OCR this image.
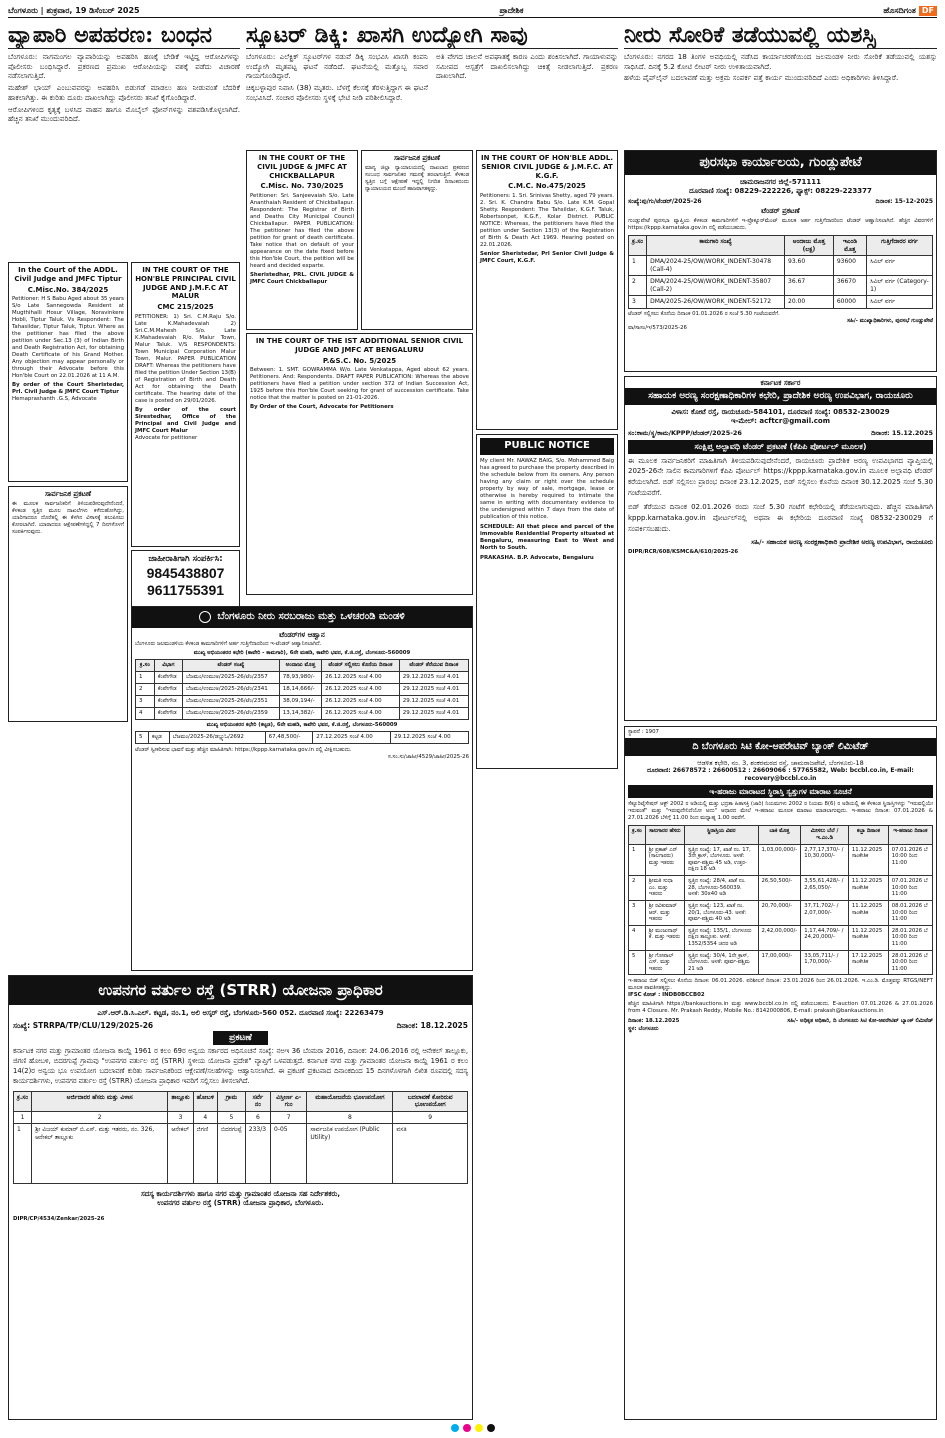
ಬೆಂಗಳೂರು | ಶುಕ್ರವಾರ, 19 ಡಿಸೆಂಬರ್ 2025	ಪ್ರಾದೇಶಿಕ	ಹೊಸದಿಗಂತ DF
ವ್ಯಾಪಾರಿ ಅಪಹರಣ: ಬಂಧನ

ಬೆಂಗಳೂರು: ನಾಗಮಂಗಲ ವ್ಯಾಪಾರಿಯನ್ನು ಅಪಹರಿಸಿ ಹಣಕ್ಕೆ ಬೇಡಿಕೆ ಇಟ್ಟಿದ್ದ ಆರೋಪಿಗಳನ್ನು ಪೊಲೀಸರು ಬಂಧಿಸಿದ್ದಾರೆ. ಪ್ರಕರಣದ ಪ್ರಮುಖ ಆರೋಪಿಯನ್ನು ವಶಕ್ಕೆ ಪಡೆದು ವಿಚಾರಣೆ ನಡೆಸಲಾಗುತ್ತಿದೆ.

ಮಹೇಶ್ ಭಾಯ್ ಎಂಬುವವರನ್ನು ಅಪಹರಿಸಿ ಬಿಡುಗಡೆ ಮಾಡಲು ಹಣ ನೀಡುವಂತೆ ಬೆದರಿಕೆ ಹಾಕಲಾಗಿತ್ತು. ಈ ಕುರಿತು ದೂರು ದಾಖಲಾಗಿದ್ದು ಪೊಲೀಸರು ತನಿಖೆ ಕೈಗೊಂಡಿದ್ದಾರೆ.

ಆರೋಪಿಗಳಿಂದ ಕೃತ್ಯಕ್ಕೆ ಬಳಸಿದ ವಾಹನ ಹಾಗೂ ಮೊಬೈಲ್ ಫೋನ್‌ಗಳನ್ನು ವಶಪಡಿಸಿಕೊಳ್ಳಲಾಗಿದೆ. ಹೆಚ್ಚಿನ ತನಿಖೆ ಮುಂದುವರಿದಿದೆ.

ಸ್ಕೂಟರ್ ಡಿಕ್ಕಿ: ಖಾಸಗಿ ಉದ್ಯೋಗಿ ಸಾವು

ಬೆಂಗಳೂರು: ಎಲೆಕ್ಟ್ರಿಕ್ ಸ್ಕೂಟರ್‌ಗಳ ನಡುವೆ ಡಿಕ್ಕಿ ಸಂಭವಿಸಿ ಖಾಸಗಿ ಕಂಪನಿ ಉದ್ಯೋಗಿ ಮೃತಪಟ್ಟ ಘಟನೆ ನಡೆದಿದೆ. ಘಟನೆಯಲ್ಲಿ ಮತ್ತೊಬ್ಬ ಸವಾರ ಗಾಯಗೊಂಡಿದ್ದಾರೆ.

ಚಿಕ್ಕಬಳ್ಳಾಪುರ ನಿವಾಸಿ (38) ಮೃತರು. ಬೆಳಗ್ಗೆ ಕೆಲಸಕ್ಕೆ ತೆರಳುತ್ತಿದ್ದಾಗ ಈ ಘಟನೆ ಸಂಭವಿಸಿದೆ. ಸಂಚಾರ ಪೊಲೀಸರು ಸ್ಥಳಕ್ಕೆ ಭೇಟಿ ನೀಡಿ ಪರಿಶೀಲಿಸಿದ್ದಾರೆ.

ಅತಿ ವೇಗದ ಚಾಲನೆ ಅಪಘಾತಕ್ಕೆ ಕಾರಣ ಎಂದು ಶಂಕಿಸಲಾಗಿದೆ. ಗಾಯಾಳುವನ್ನು ಸಮೀಪದ ಆಸ್ಪತ್ರೆಗೆ ದಾಖಲಿಸಲಾಗಿದ್ದು ಚಿಕಿತ್ಸೆ ನೀಡಲಾಗುತ್ತಿದೆ. ಪ್ರಕರಣ ದಾಖಲಾಗಿದೆ.

ನೀರು ಸೋರಿಕೆ ತಡೆಯುವಲ್ಲಿ ಯಶಸ್ಸಿ

ಬೆಂಗಳೂರು: ನಗರದ 18 ತಿಂಗಳ ಅವಧಿಯಲ್ಲಿ ನಡೆಸಿದ ಕಾರ್ಯಾಚರಣೆಯಿಂದ ಜಲಮಂಡಳಿ ನೀರು ಸೋರಿಕೆ ತಡೆಯುವಲ್ಲಿ ಯಶಸ್ಸು ಸಾಧಿಸಿದೆ. ದಿನಕ್ಕೆ 5.2 ಕೋಟಿ ಲೀಟರ್ ನೀರು ಉಳಿತಾಯವಾಗಿದೆ.

ಹಳೆಯ ಪೈಪ್‌ಲೈನ್ ಬದಲಾವಣೆ ಮತ್ತು ಅಕ್ರಮ ಸಂಪರ್ಕ ಪತ್ತೆ ಕಾರ್ಯ ಮುಂದುವರಿದಿದೆ ಎಂದು ಅಧಿಕಾರಿಗಳು ತಿಳಿಸಿದ್ದಾರೆ.

In the Court of the ADDL. Civil Judge and JMFC Tiptur
C.Misc.No. 384/2025
Petitioner: H S Babu Aged about 35 years S/o Late Sannegowda Resident at Mugthihalli Hosur Village, Noravinkere Hobli, Tiptur Taluk. Vs Respondent: The Tahasildar, Tiptur Taluk, Tiptur. Where as the petitioner has filed the above petition under Sec.13 (3) of Indian Birth and Death Registration Act, for obtaining Death Certificate of his Grand Mother. Any objection may appear personally or through their Advocate before this Hon'ble Court on 22.01.2026 at 11 A.M.
By order of the Court Sheristedar, Prl. Civil Judge & JMFC Court Tiptur
Hemaprashanth .G.S, Advocate
IN THE COURT OF THE HON'BLE PRINCIPAL CIVIL JUDGE AND J.M.F.C AT MALUR
CMC 215/2025
PETITIONER: 1) Sri. C.M.Raju S/o. Late K.Mahadevaiah 2) Sri.C.M.Mahesh S/o. Late K.Mahadevaiah R/o. Malur Town, Malur Taluk. V/S RESPONDENTS: Town Municipal Corporation Malur Town, Malur. PAPER PUBLICATION DRAFT: Whereas the petitioners have filed the petition Under Section 13(B) of Registration of Birth and Death Act for obtaining the Death certificate. The hearing date of the case is posted on 29/01/2026.
By order of the court Sirestedhar, Office of the Principal and Civil Judge and JMFC Court Malur
Advocate for petitioner
ಸಾರ್ವಜನಿಕ ಪ್ರಕಟಣೆ
ಈ ಮೂಲಕ ಸಾರ್ವಜನಿಕರಿಗೆ ತಿಳಿಯಪಡಿಸುವುದೇನೆಂದರೆ, ಕೆಳಕಂಡ ಸ್ವತ್ತಿನ ಮೂಲ ದಾಖಲೆಗಳು ಕಳೆದುಹೋಗಿದ್ದು, ಯಾರಿಗಾದರೂ ದೊರೆತಲ್ಲಿ ಈ ಕೆಳಗಿನ ವಿಳಾಸಕ್ಕೆ ತಲುಪಿಸಲು ಕೋರಲಾಗಿದೆ. ಯಾರಾದರೂ ಆಕ್ಷೇಪಣೆಗಳಿದ್ದಲ್ಲಿ 7 ದಿನಗಳೊಳಗೆ ಸಂಪರ್ಕಿಸುವುದು.
ಜಾಹೀರಾತಿಗಾಗಿ ಸಂಪರ್ಕಿಸಿ:
9845438807
9611755391
IN THE COURT OF THE CIVIL JUDGE & JMFC AT CHICKBALLAPUR
C.Misc. No. 730/2025
Petitioner: Sri. Sanjeevaiah S/o. Late Ananthaiah Resident of Chickballapur. Respondent: The Registrar of Birth and Deaths City Municipal Council Chickballapur. PAPER PUBLICATION: The petitioner has filed the above petition for grant of death certificate. Take notice that on default of your appearance on the date fixed before this Hon'ble Court, the petition will be heard and decided exparte.
Sheristedhar, PRL. CIVIL JUDGE & JMFC Court Chickballapur
ಸಾರ್ವಜನಿಕ ಪ್ರಕಟಣೆ
ಮಾನ್ಯ ಜಿಲ್ಲಾ ನ್ಯಾಯಾಲಯದಲ್ಲಿ ದಾಖಲಾದ ಪ್ರಕರಣದ ಸಂಬಂಧ ಸಾರ್ವಜನಿಕರ ಗಮನಕ್ಕೆ ತರಲಾಗುತ್ತಿದೆ. ಕೆಳಕಂಡ ಸ್ವತ್ತಿನ ಬಗ್ಗೆ ಆಕ್ಷೇಪಣೆ ಇದ್ದಲ್ಲಿ ನಿಗದಿತ ದಿನಾಂಕದಂದು ನ್ಯಾಯಾಲಯದ ಮುಂದೆ ಹಾಜರಾಗತಕ್ಕದ್ದು.
IN THE COURT OF HON'BLE ADDL. SENIOR CIVIL JUDGE & J.M.F.C. AT K.G.F.
C.M.C. No.475/2025
Petitioners: 1. Sri. Srinivas Shetty, aged 79 years. 2. Sri. K. Chandra Babu S/o. Late K.M. Gopal Shetty. Respondent: The Tahsildar, K.G.F. Taluk, Robertsonpet, K.G.F., Kolar District. PUBLIC NOTICE: Whereas, the petitioners have filed the petition under Section 13(3) of the Registration of Birth & Death Act 1969. Hearing posted on 22.01.2026.
Senior Sheristedar, Prl Senior Civil Judge & JMFC Court, K.G.F.
IN THE COURT OF THE IST ADDITIONAL SENIOR CIVIL JUDGE AND JMFC AT BENGALURU
P.&S.C. No. 5/2025
Between: 1. SMT. GOWRAMMA W/o. Late Venkatappa, Aged about 62 years. Petitioners. And: Respondents. DRAFT PAPER PUBLICATION: Whereas the above petitioners have filed a petition under section 372 of Indian Succession Act, 1925 before this Hon'ble Court seeking for grant of succession certificate. Take notice that the matter is posted on 21-01-2026.
By Order of the Court, Advocate for Petitioners
PUBLIC NOTICE
My client Mr. NAWAZ BAIG, S/o. Mohammed Baig has agreed to purchase the property described in the schedule below from its owners. Any person having any claim or right over the schedule property by way of sale, mortgage, lease or otherwise is hereby required to intimate the same in writing with documentary evidence to the undersigned within 7 days from the date of publication of this notice.
SCHEDULE: All that piece and parcel of the immovable Residential Property situated at Bengaluru, measuring East to West and North to South.
PRAKASHA. B.P. Advocate, Bengaluru
ಬೆಂಗಳೂರು ನೀರು ಸರಬರಾಜು ಮತ್ತು ಒಳಚರಂಡಿ ಮಂಡಳಿ
ಟೆಂಡರ್‌ಗಳ ಆಹ್ವಾನ
ಬೆಂಗಳೂರು ಜಲಮಂಡಳಿಯ ಕೆಳಕಂಡ ಕಾಮಗಾರಿಗಳಿಗೆ ಅರ್ಹ ಗುತ್ತಿಗೆದಾರರಿಂದ ಇ-ಟೆಂಡರ್ ಆಹ್ವಾನಿಸಲಾಗಿದೆ.
ಮುಖ್ಯ ಅಭಿಯಂತರರ ಕಛೇರಿ (ಕಾವೇರಿ - ಕಾಮಗಾರಿ), 6ನೇ ಮಹಡಿ, ಕಾವೇರಿ ಭವನ, ಕೆ.ಜಿ.ರಸ್ತೆ, ಬೆಂಗಳೂರು-560009
ಕ್ರ.ಸಂ	ವಿಭಾಗ	ಟೆಂಡರ್ ಸಂಖ್ಯೆ	ಅಂದಾಜು ಮೊತ್ತ	ಟೆಂಡರ್ ಸಲ್ಲಿಸಲು ಕೊನೆಯ ದಿನಾಂಕ	ಟೆಂಡರ್ ತೆರೆಯುವ ದಿನಾಂಕ
1	ಕೆಂಪೇಗೌಡ	ಬೆಜಮಂ/ಉಮುಅ/2025-26/ಟೆಂ/2357	78,93,980/-	26.12.2025 ಸಂಜೆ 4.00	29.12.2025 ಸಂಜೆ 4.01
2	ಕೆಂಪೇಗೌಡ	ಬೆಜಮಂ/ಉಮುಅ/2025-26/ಟೆಂ/2341	18,14,666/-	26.12.2025 ಸಂಜೆ 4.00	29.12.2025 ಸಂಜೆ 4.01
3	ಕೆಂಪೇಗೌಡ	ಬೆಜಮಂ/ಉಮುಅ/2025-26/ಟೆಂ/2351	38,09,194/-	26.12.2025 ಸಂಜೆ 4.00	29.12.2025 ಸಂಜೆ 4.01
4	ಕೆಂಪೇಗೌಡ	ಬೆಜಮಂ/ಉಮುಅ/2025-26/ಟೆಂ/2359	13,14,382/-	26.12.2025 ಸಂಜೆ 4.00	29.12.2025 ಸಂಜೆ 4.01
ಮುಖ್ಯ ಅಭಿಯಂತರರ ಕಛೇರಿ (ಕಟ್ಟಡ), 6ನೇ ಮಹಡಿ, ಕಾವೇರಿ ಭವನ, ಕೆ.ಜಿ.ರಸ್ತೆ, ಬೆಂಗಳೂರು-560009
5	ಕಟ್ಟಡ	ಬೆಜಮಂ/2025-26/ಡಬ್ಲ್ಯುಓ/2692	67,48,500/-	27.12.2025 ಸಂಜೆ 4.00	29.12.2025 ಸಂಜೆ 4.00
ಟೆಂಡರ್ ಸ್ವೀಕರಿಸುವ ಭಾವನೆ ಮತ್ತು ಹೆಚ್ಚಿನ ಮಾಹಿತಿಗಾಗಿ: https://kppp.karnataka.gov.in ರಲ್ಲಿ ವೀಕ್ಷಿಸಬಹುದು.
ಸ.ಸಂ.ಸು/ಜಾಹೀ/4529/ಜಾಹೀ/2025-26
ಉಪನಗರ ವರ್ತುಲ ರಸ್ತೆ (STRR) ಯೋಜನಾ ಪ್ರಾಧಿಕಾರ
ಎಸ್.ಆರ್.ಡಿ.ಸಿ.ಎಲ್. ಕಟ್ಟಡ, ನಂ.1, ಅಲಿ ಅಸ್ಕರ್ ರಸ್ತೆ, ಬೆಂಗಳೂರು-560 052. ದೂರವಾಣಿ ಸಂಖ್ಯೆ: 22263479
ಸಂಖ್ಯೆ: STRRPA/TP/CLU/129/2025-26	ದಿನಾಂಕ: 18.12.2025
ಪ್ರಕಟಣೆ
ಕರ್ನಾಟಕ ನಗರ ಮತ್ತು ಗ್ರಾಮಾಂತರ ಯೋಜನಾ ಕಾಯ್ದೆ 1961 ರ ಕಲಂ 69ರ ಅನ್ವಯ ಸರ್ಕಾರದ ಅಧಿಸೂಚನೆ ಸಂಖ್ಯೆ: ನಅಇ 36 ಬೆಂಮರಾ 2016, ದಿನಾಂಕ: 24.06.2016 ರಲ್ಲಿ ಆನೇಕಲ್ ತಾಲ್ಲೂಕು, ಜಿಗಣಿ ಹೋಬಳಿ, ಬಿದರಗುಪ್ಪೆ ಗ್ರಾಮವು "ಉಪನಗರ ವರ್ತುಲ ರಸ್ತೆ (STRR) ಸ್ಥಳೀಯ ಯೋಜನಾ ಪ್ರದೇಶ" ವ್ಯಾಪ್ತಿಗೆ ಒಳಪಡುತ್ತದೆ. ಕರ್ನಾಟಕ ನಗರ ಮತ್ತು ಗ್ರಾಮಾಂತರ ಯೋಜನಾ ಕಾಯ್ದೆ 1961 ರ ಕಲಂ 14(2)ರ ಅನ್ವಯ ಭೂ ಉಪಯೋಗ ಬದಲಾವಣೆ ಕುರಿತು ಸಾರ್ವಜನಿಕರಿಂದ ಆಕ್ಷೇಪಣೆ/ಸಲಹೆಗಳನ್ನು ಆಹ್ವಾನಿಸಲಾಗಿದೆ. ಈ ಪ್ರಕಟಣೆ ಪ್ರಕಟವಾದ ದಿನಾಂಕದಿಂದ 15 ದಿನಗಳೊಳಗಾಗಿ ಲಿಖಿತ ರೂಪದಲ್ಲಿ ಸದಸ್ಯ ಕಾರ್ಯದರ್ಶಿಗಳು, ಉಪನಗರ ವರ್ತುಲ ರಸ್ತೆ (STRR) ಯೋಜನಾ ಪ್ರಾಧಿಕಾರ ಇವರಿಗೆ ಸಲ್ಲಿಸಲು ತಿಳಿಸಲಾಗಿದೆ.
ಕ್ರ.ಸಂ	ಅರ್ಜಿದಾರರ ಹೆಸರು ಮತ್ತು ವಿಳಾಸ	ತಾಲ್ಲೂಕು	ಹೋಬಳಿ	ಗ್ರಾಮ	ಸರ್ವೆ ನಂ	ವಿಸ್ತೀರ್ಣ ಎ-ಗುಂ	ಮಹಾಯೋಜನೆಯ ಭೂಉಪಯೋಗ	ಬದಲಾವಣೆ ಕೋರಿರುವ ಭೂಉಪಯೋಗ
1	2	3	4	5	6	7	8	9
1	ಶ್ರೀ ವಿಜಯ್ ಕುಮಾರ್ ಬಿ.ಎಸ್. ಮತ್ತು ಇತರರು, ನಂ. 326, ಆನೇಕಲ್ ತಾಲ್ಲೂಕು	ಆನೇಕಲ್	ಜಿಗಣಿ	ಬಿದರಗುಪ್ಪೆ	233/3	0-05	ಸಾರ್ವಜನಿಕ ಉಪಯೋಗ (Public Utility)	ವಸತಿ
ಸದಸ್ಯ ಕಾರ್ಯದರ್ಶಿಗಳು ಹಾಗೂ ನಗರ ಮತ್ತು ಗ್ರಾಮಾಂತರ ಯೋಜನಾ ಸಹ ನಿರ್ದೇಶಕರು,
ಉಪನಗರ ವರ್ತುಲ ರಸ್ತೆ (STRR) ಯೋಜನಾ ಪ್ರಾಧಿಕಾರ, ಬೆಂಗಳೂರು.
DIPR/CP/4534/Zenkar/2025-26
ಪುರಸಭಾ ಕಾರ್ಯಾಲಯ, ಗುಂಡ್ಲುಪೇಟೆ
ಚಾಮರಾಜನಗರ ಜಿಲ್ಲೆ-571111
ದೂರವಾಣಿ ಸಂಖ್ಯೆ: 08229-222226, ಫ್ಯಾಕ್ಸ್: 08229-223377
ಸಂಖ್ಯೆ:ಪು/ಗು/ಟೆಂಡರ್/2025-26	ದಿನಾಂಕ: 15-12-2025
ಟೆಂಡರ್ ಪ್ರಕಟಣೆ
ಗುಂಡ್ಲುಪೇಟೆ ಪುರಸಭಾ ವ್ಯಾಪ್ತಿಯ ಕೆಳಕಂಡ ಕಾಮಗಾರಿಗಳಿಗೆ ಇ-ಪ್ರೊಕ್ಯೂರ್‌ಮೆಂಟ್ ಮೂಲಕ ಅರ್ಹ ಗುತ್ತಿಗೆದಾರರಿಂದ ಟೆಂಡರ್ ಆಹ್ವಾನಿಸಲಾಗಿದೆ. ಹೆಚ್ಚಿನ ವಿವರಗಳಿಗೆ https://kppp.karnataka.gov.in ನಲ್ಲಿ ಪಡೆಯಬಹುದು.
ಕ್ರ.ಸಂ	ಕಾಮಗಾರಿ ಸಂಖ್ಯೆ	ಅಂದಾಜು ಮೊತ್ತ (ಲಕ್ಷ)	ಇಎಂಡಿ ಮೊತ್ತ	ಗುತ್ತಿಗೆದಾರರ ವರ್ಗ
1	DMA/2024-25/OW/WORK_INDENT-30478 (Call-4)	93.60	93600	ಸಿವಿಲ್ ವರ್ಗ
2	DMA/2024-25/OW/WORK_INDENT-35807 (Call-2)	36.67	36670	ಸಿವಿಲ್ ವರ್ಗ (Category-1)
3	DMA/2025-26/OW/WORK_INDENT-52172	20.00	60000	ಸಿವಿಲ್ ವರ್ಗ
ಟೆಂಡರ್ ಸಲ್ಲಿಸಲು ಕೊನೆಯ ದಿನಾಂಕ 01.01.2026 ರ ಸಂಜೆ 5.30 ಗಂಟೆಯವರೆಗೆ.
ಸಹಿ/- ಮುಖ್ಯಾಧಿಕಾರಿಗಳು, ಪುರಸಭೆ ಗುಂಡ್ಲುಪೇಟೆ
ವಾ/ಸಾಸಂ/ಇ/573/2025-26
ಕರ್ನಾಟಕ ಸರ್ಕಾರ
ಸಹಾಯಕ ಅರಣ್ಯ ಸಂರಕ್ಷಣಾಧಿಕಾರಿಗಳ ಕಛೇರಿ, ಪ್ರಾದೇಶಿಕ ಅರಣ್ಯ ಉಪವಿಭಾಗ, ರಾಯಚೂರು
ವಿಳಾಸ: ಕೋಟೆ ರಸ್ತೆ, ರಾಯಚೂರು-584101, ದೂರವಾಣಿ ಸಂಖ್ಯೆ: 08532-230029
ಇ-ಮೇಲ್: acftcr@gmail.com
ಸಂ:ಕಾಮ/ಸ್ಥ/ಕಾಮ/KPPP/ಟೆಂಡರ್/2025-26	ದಿನಾಂಕ: 15.12.2025
ಸಂಕ್ಷಿಪ್ತ ಅಲ್ಪಾವಧಿ ಟೆಂಡರ್ ಪ್ರಕಟಣೆ (ಕೆಪಿಪಿ ಪೋರ್ಟಲ್ ಮೂಲಕ)
ಈ ಮೂಲಕ ಸಾರ್ವಜನಿಕರಿಗೆ ಮಾಹಿತಿಗಾಗಿ ತಿಳಿಯಪಡಿಸುವುದೇನೆಂದರೆ, ರಾಯಚೂರು ಪ್ರಾದೇಶಿಕ ಅರಣ್ಯ ಉಪವಿಭಾಗದ ವ್ಯಾಪ್ತಿಯಲ್ಲಿ 2025-26ನೇ ಸಾಲಿನ ಕಾಮಗಾರಿಗಳಿಗೆ ಕೆಪಿಪಿ ಪೋರ್ಟಲ್ https://kppp.karnataka.gov.in ಮೂಲಕ ಅಲ್ಪಾವಧಿ ಟೆಂಡರ್ ಕರೆಯಲಾಗಿದೆ. ಬಿಡ್ ಸಲ್ಲಿಸಲು ಪ್ರಾರಂಭ ದಿನಾಂಕ 23.12.2025, ಬಿಡ್ ಸಲ್ಲಿಸಲು ಕೊನೆಯ ದಿನಾಂಕ 30.12.2025 ಸಂಜೆ 5.30 ಗಂಟೆಯವರೆಗೆ.
ಬಿಡ್ ತೆರೆಯುವ ದಿನಾಂಕ 02.01.2026 ರಂದು ಸಂಜೆ 5.30 ಗಂಟೆಗೆ ಕಛೇರಿಯಲ್ಲಿ ತೆರೆಯಲಾಗುವುದು. ಹೆಚ್ಚಿನ ಮಾಹಿತಿಗಾಗಿ kppp.karnataka.gov.in ಪೋರ್ಟಲ್‌ನಲ್ಲಿ ಅಥವಾ ಈ ಕಛೇರಿಯ ದೂರವಾಣಿ ಸಂಖ್ಯೆ 08532-230029 ಗೆ ಸಂಪರ್ಕಿಸಬಹುದು.
ಸಹಿ/- ಸಹಾಯಕ ಅರಣ್ಯ ಸಂರಕ್ಷಣಾಧಿಕಾರಿ ಪ್ರಾದೇಶಿಕ ಅರಣ್ಯ ಉಪವಿಭಾಗ, ರಾಯಚೂರು
DIPR/RCR/608/KSMC&A/610/2025-26
ಸ್ಥಾಪನೆ : 1907
ದಿ ಬೆಂಗಳೂರು ಸಿಟಿ ಕೋ-ಆಪರೇಟಿವ್ ಬ್ಯಾಂಕ್ ಲಿಮಿಟೆಡ್
ಆಡಳಿತ ಕಛೇರಿ, ನಂ. 3, ಶಂಕರಮಠದ ರಸ್ತೆ, ಚಾಮರಾಜಪೇಟೆ, ಬೆಂಗಳೂರು-18
ದೂರವಾಣಿ: 26678572 : 26600512 : 26609066 : 57765582, Web: bccbl.co.in, E-mail: recovery@bccbl.co.in
ಇ-ಹರಾಜು ಮಾರಾಟದ ಸ್ಥಿರಾಸ್ತಿ ಸ್ವತ್ತುಗಳ ಮಾರಾಟ ಸೂಚನೆ
ಸೆಕ್ಯೂರಿಟೈಸೇಷನ್ ಆಕ್ಟ್ 2002 ರ ಅಡಿಯಲ್ಲಿ ಮತ್ತು ಭದ್ರತಾ ಹಿತಾಸಕ್ತಿ (ಜಾರಿ) ನಿಯಮಗಳು 2002 ರ ನಿಯಮ 8(6) ರ ಅಡಿಯಲ್ಲಿ ಈ ಕೆಳಕಂಡ ಸ್ಥಿರಾಸ್ತಿಗಳನ್ನು "ಇರುವಲ್ಲಿಯೇ ಇರುವಂತೆ" ಮತ್ತು "ಇರುವುದೇನಿದೆಯೋ ಅದು" ಆಧಾರದ ಮೇಲೆ ಇ-ಹರಾಜು ಮೂಲಕ ಮಾರಾಟ ಮಾಡಲಾಗುವುದು. ಇ-ಹರಾಜು ದಿನಾಂಕ: 07.01.2026 & 27.01.2026 ಬೆಳಿಗ್ಗೆ 11.00 ರಿಂದ ಮಧ್ಯಾಹ್ನ 1.00 ರವರೆಗೆ.
ಕ್ರ.ಸಂ	ಸಾಲಗಾರರ ಹೆಸರು	ಸ್ಥಿರಾಸ್ತಿಯ ವಿವರ	ಬಾಕಿ ಮೊತ್ತ	ಮೀಸಲು ಬೆಲೆ / ಇ.ಎಂ.ಡಿ	ಕಬ್ಜಾ ದಿನಾಂಕ	ಇ-ಹರಾಜು ದಿನಾಂಕ
1	ಶ್ರೀ ಪ್ರಕಾಶ್ ಎನ್ (ಸಾಲಗಾರರು) ಮತ್ತು ಇತರರು	ಸ್ವತ್ತಿನ ಸಂಖ್ಯೆ: 17, ಖಾತೆ ನಂ. 17, 3ನೇ ಕ್ರಾಸ್, ಬೆಂಗಳೂರು. ಅಳತೆ: ಪೂರ್ವ-ಪಶ್ಚಿಮ 45 ಅಡಿ, ಉತ್ತರ-ದಕ್ಷಿಣ 18 ಅಡಿ	1,03,00,000/-	2,77,17,370/- / 10,30,000/-	11.12.2025 ಸಾಂಕೇತಿಕ	07.01.2026 ಬೆ 10:00 ರಿಂದ 11:00
2	ಶ್ರೀಮತಿ ಸುಧಾ ಎಂ. ಮತ್ತು ಇತರರು	ಸ್ವತ್ತಿನ ಸಂಖ್ಯೆ: 28/4, ಖಾತೆ ನಂ. 28, ಬೆಂಗಳೂರು-560039. ಅಳತೆ: 30x40 ಅಡಿ	26,50,500/-	3,55,61,428/- / 2,65,050/-	11.12.2025 ಸಾಂಕೇತಿಕ	07.01.2026 ಬೆ 10:00 ರಿಂದ 11:00
3	ಶ್ರೀ ರವಿಕುಮಾರ್ ಆರ್. ಮತ್ತು ಇತರರು	ಸ್ವತ್ತಿನ ಸಂಖ್ಯೆ: 123, ಖಾತೆ ನಂ. 20/1, ಬೆಂಗಳೂರು-43. ಅಳತೆ: ಪೂರ್ವ-ಪಶ್ಚಿಮ 40 ಅಡಿ	20,70,000/-	37,71,702/- / 2,07,000/-	11.12.2025 ಸಾಂಕೇತಿಕ	08.01.2026 ಬೆ 10:00 ರಿಂದ 11:00
4	ಶ್ರೀ ಮಂಜುನಾಥ್ ಕೆ. ಮತ್ತು ಇತರರು	ಸ್ವತ್ತಿನ ಸಂಖ್ಯೆ: 135/1, ಬೆಂಗಳೂರು ದಕ್ಷಿಣ ತಾಲ್ಲೂಕು. ಅಳತೆ: 1352/5354 ಚದರ ಅಡಿ	2,42,00,000/-	1,17,44,709/- / 24,20,000/-	11.12.2025 ಸಾಂಕೇತಿಕ	28.01.2026 ಬೆ 10:00 ರಿಂದ 11:00
5	ಶ್ರೀ ಗೋಪಾಲ್ ಎಸ್. ಮತ್ತು ಇತರರು	ಸ್ವತ್ತಿನ ಸಂಖ್ಯೆ: 30/4, 1ನೇ ಕ್ರಾಸ್, ಬೆಂಗಳೂರು. ಅಳತೆ: ಪೂರ್ವ-ಪಶ್ಚಿಮ 21 ಅಡಿ	17,00,000/-	33,05,711/- / 1,70,000/-	17.12.2025 ಸಾಂಕೇತಿಕ	28.01.2026 ಬೆ 10:00 ರಿಂದ 11:00
ಇ-ಹರಾಜು ಬಿಡ್ ಸಲ್ಲಿಸಲು ಕೊನೆಯ ದಿನಾಂಕ: 06.01.2026. ಪರಿಶೀಲನೆ ದಿನಾಂಕ: 23.01.2026 ರಿಂದ 26.01.2026. ಇ.ಎಂ.ಡಿ. ಮೊತ್ತವನ್ನು RTGS/NEFT ಮೂಲಕ ಪಾವತಿಸತಕ್ಕದ್ದು.
IFSC ಕೋಡ್ : INDB0BCCB02
ಹೆಚ್ಚಿನ ಮಾಹಿತಿಗಾಗಿ https://bankauctions.in ಮತ್ತು www.bccbl.co.in ನಲ್ಲಿ ಪಡೆಯಬಹುದು. E-auction 07.01.2026 & 27.01.2026 from 4 Closure. Mr. Prakash Reddy, Mobile No.: 8142000806, E-mail: prakash@bankauctions.in
ದಿನಾಂಕ: 18.12.2025
ಸ್ಥಳ: ಬೆಂಗಳೂರು
ಸಹಿ/- ಅಧಿಕೃತ ಅಧಿಕಾರಿ, ದಿ ಬೆಂಗಳೂರು ಸಿಟಿ ಕೋ-ಆಪರೇಟಿವ್ ಬ್ಯಾಂಕ್ ಲಿಮಿಟೆಡ್
